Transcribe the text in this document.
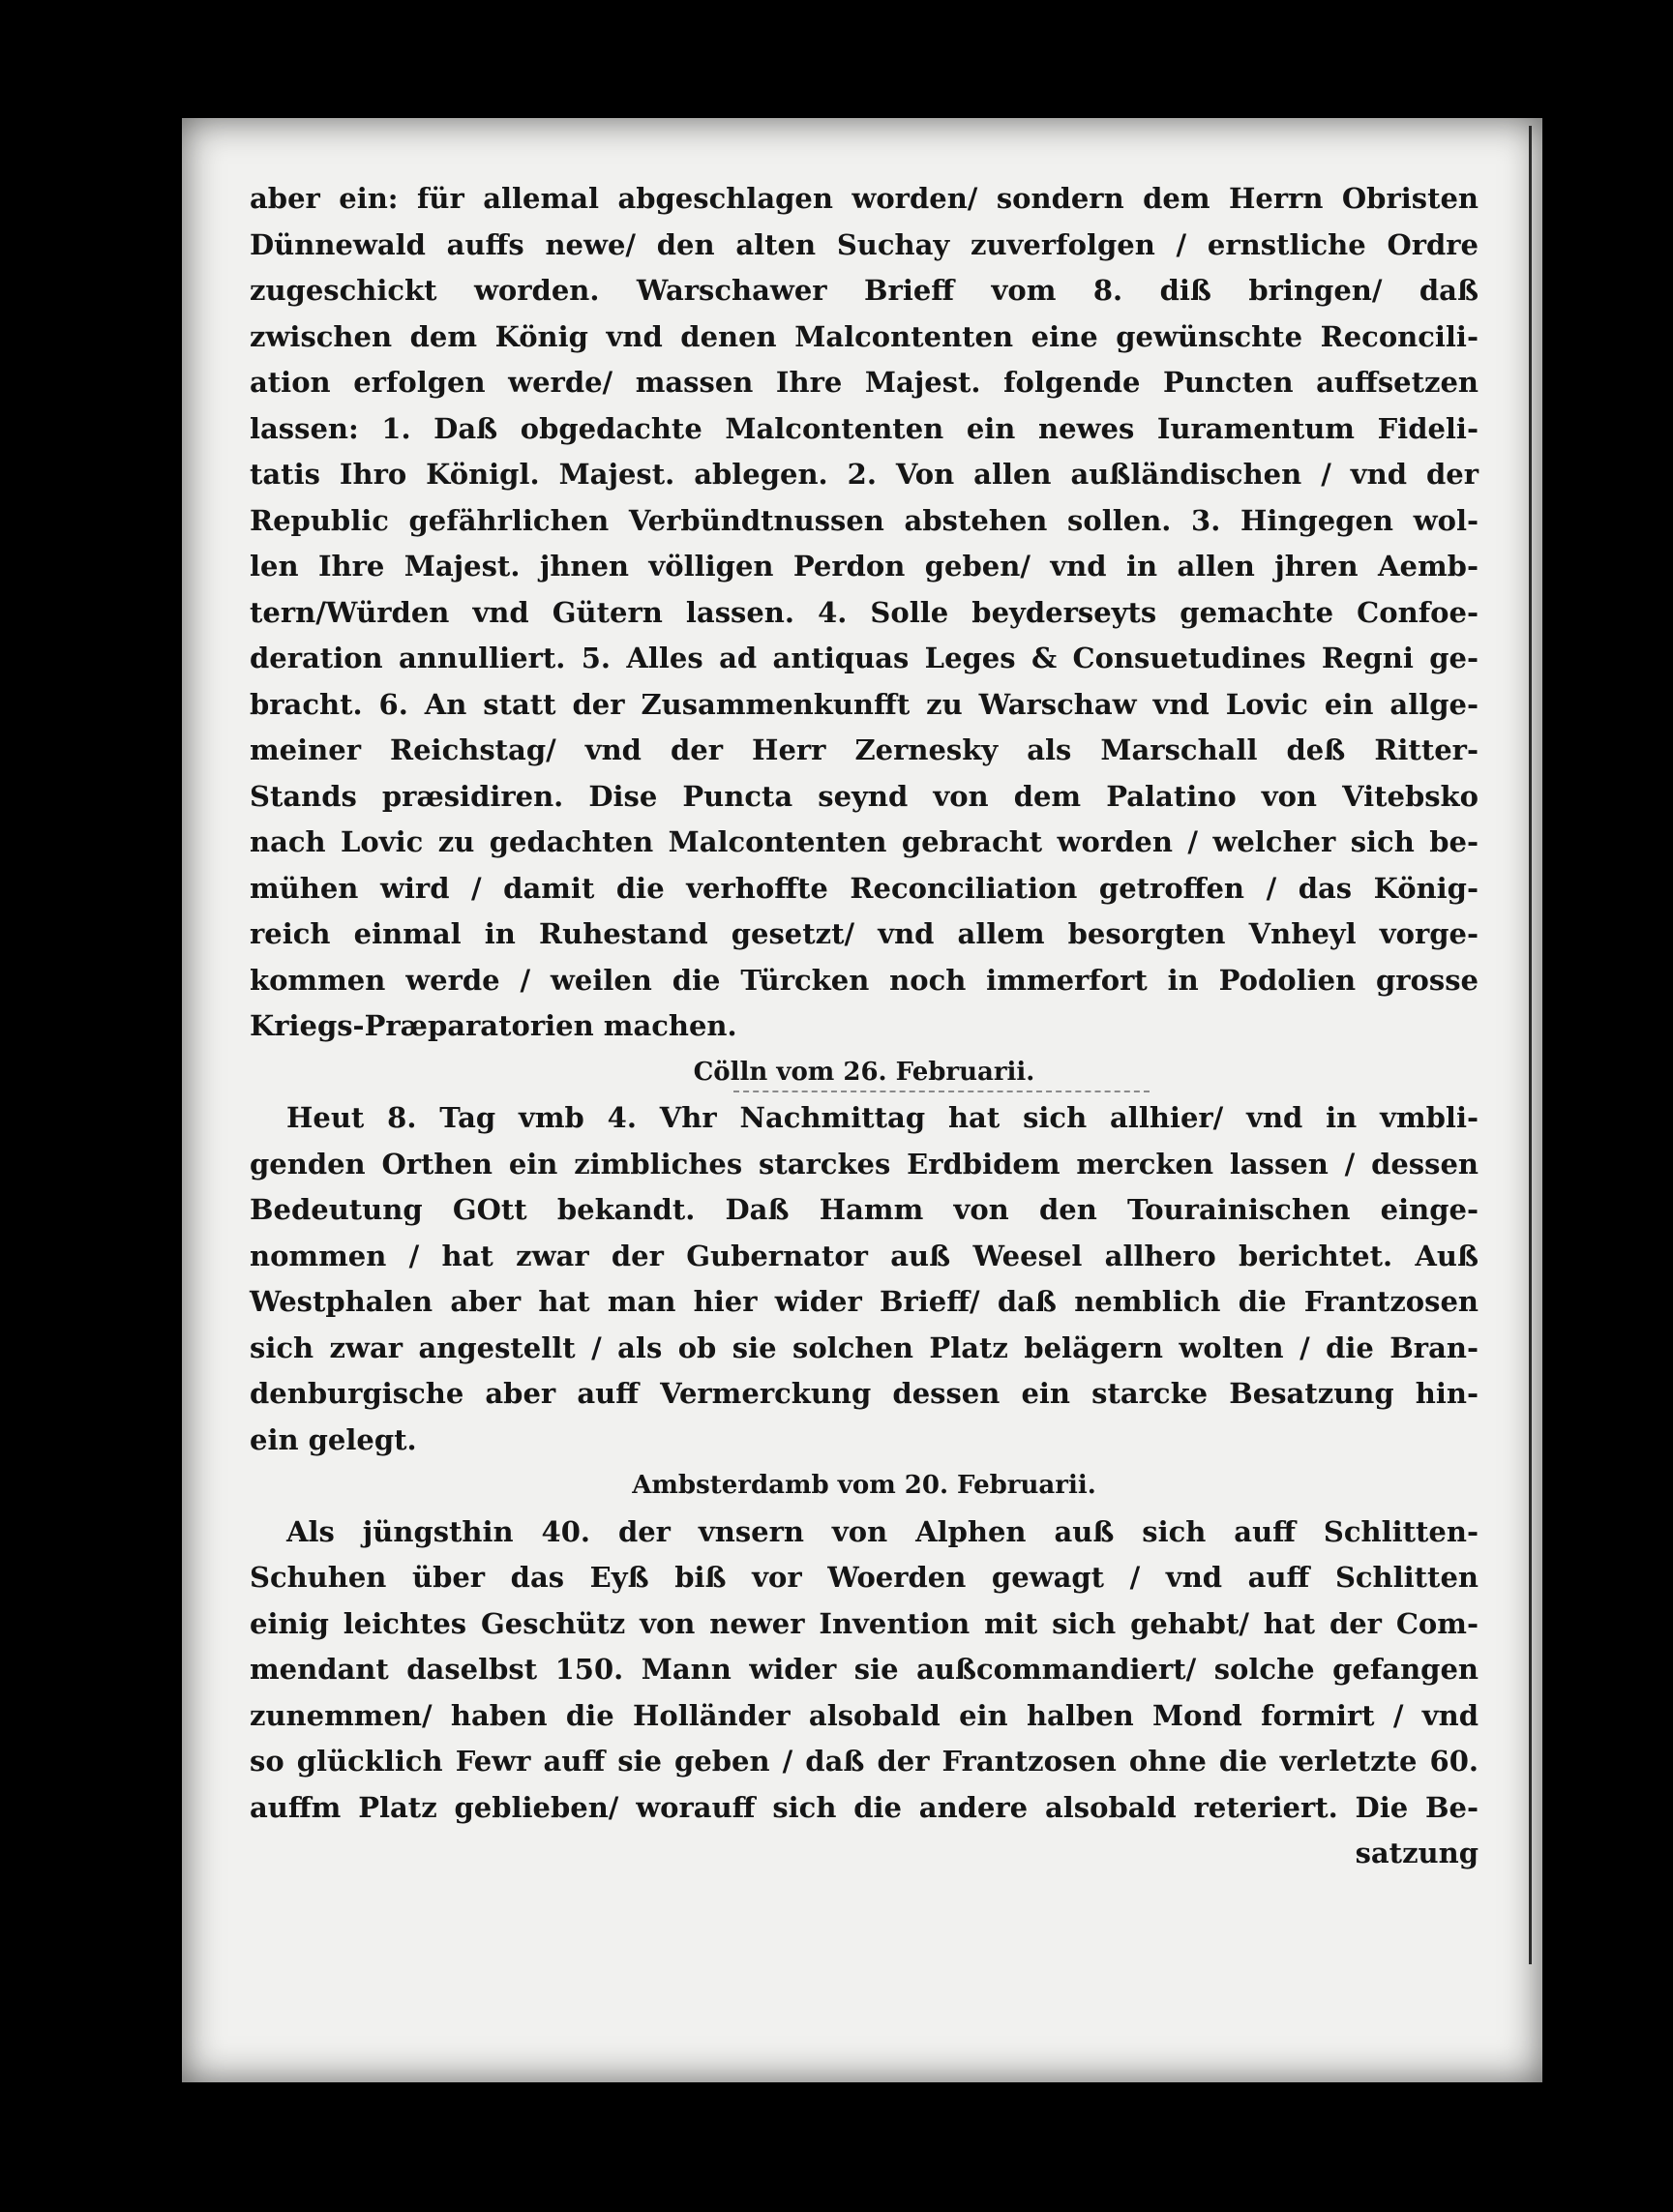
aber ein: für allemal abgeschlagen worden/ sondern dem Herrn Obristen
Dünnewald auffs newe/ den alten Suchay zuverfolgen / ernstliche Ordre
zugeschickt worden. Warschawer Brieff vom 8. diß bringen/ daß
zwischen dem König vnd denen Malcontenten eine gewünschte Reconcili-
ation erfolgen werde/ massen Ihre Majest. folgende Puncten auffsetzen
lassen: 1. Daß obgedachte Malcontenten ein newes Iuramentum Fideli-
tatis Ihro Königl. Majest. ablegen. 2. Von allen außländischen / vnd der
Republic gefährlichen Verbündtnussen abstehen sollen. 3. Hingegen wol-
len Ihre Majest. jhnen völligen Perdon geben/ vnd in allen jhren Aemb-
tern/Würden vnd Gütern lassen. 4. Solle beyderseyts gemachte Confoe-
deration annulliert. 5. Alles ad antiquas Leges & Consuetudines Regni ge-
bracht. 6. An statt der Zusammenkunfft zu Warschaw vnd Lovic ein allge-
meiner Reichstag/ vnd der Herr Zernesky als Marschall deß Ritter-
Stands præsidiren. Dise Puncta seynd von dem Palatino von Vitebsko
nach Lovic zu gedachten Malcontenten gebracht worden / welcher sich be-
mühen wird / damit die verhoffte Reconciliation getroffen / das König-
reich einmal in Ruhestand gesetzt/ vnd allem besorgten Vnheyl vorge-
kommen werde / weilen die Türcken noch immerfort in Podolien grosse
Kriegs-Præparatorien machen.
Cölln vom 26. Februarii.
Heut 8. Tag vmb 4. Vhr Nachmittag hat sich allhier/ vnd in vmbli-
genden Orthen ein zimbliches starckes Erdbidem mercken lassen / dessen
Bedeutung GOtt bekandt. Daß Hamm von den Tourainischen einge-
nommen / hat zwar der Gubernator auß Weesel allhero berichtet. Auß
Westphalen aber hat man hier wider Brieff/ daß nemblich die Frantzosen
sich zwar angestellt / als ob sie solchen Platz belägern wolten / die Bran-
denburgische aber auff Vermerckung dessen ein starcke Besatzung hin-
ein gelegt.
Ambsterdamb vom 20. Februarii.
Als jüngsthin 40. der vnsern von Alphen auß sich auff Schlitten-
Schuhen über das Eyß biß vor Woerden gewagt / vnd auff Schlitten
einig leichtes Geschütz von newer Invention mit sich gehabt/ hat der Com-
mendant daselbst 150. Mann wider sie außcommandiert/ solche gefangen
zunemmen/ haben die Holländer alsobald ein halben Mond formirt / vnd
so glücklich Fewr auff sie geben / daß der Frantzosen ohne die verletzte 60.
auffm Platz geblieben/ worauff sich die andere alsobald reteriert. Die Be-
satzung
